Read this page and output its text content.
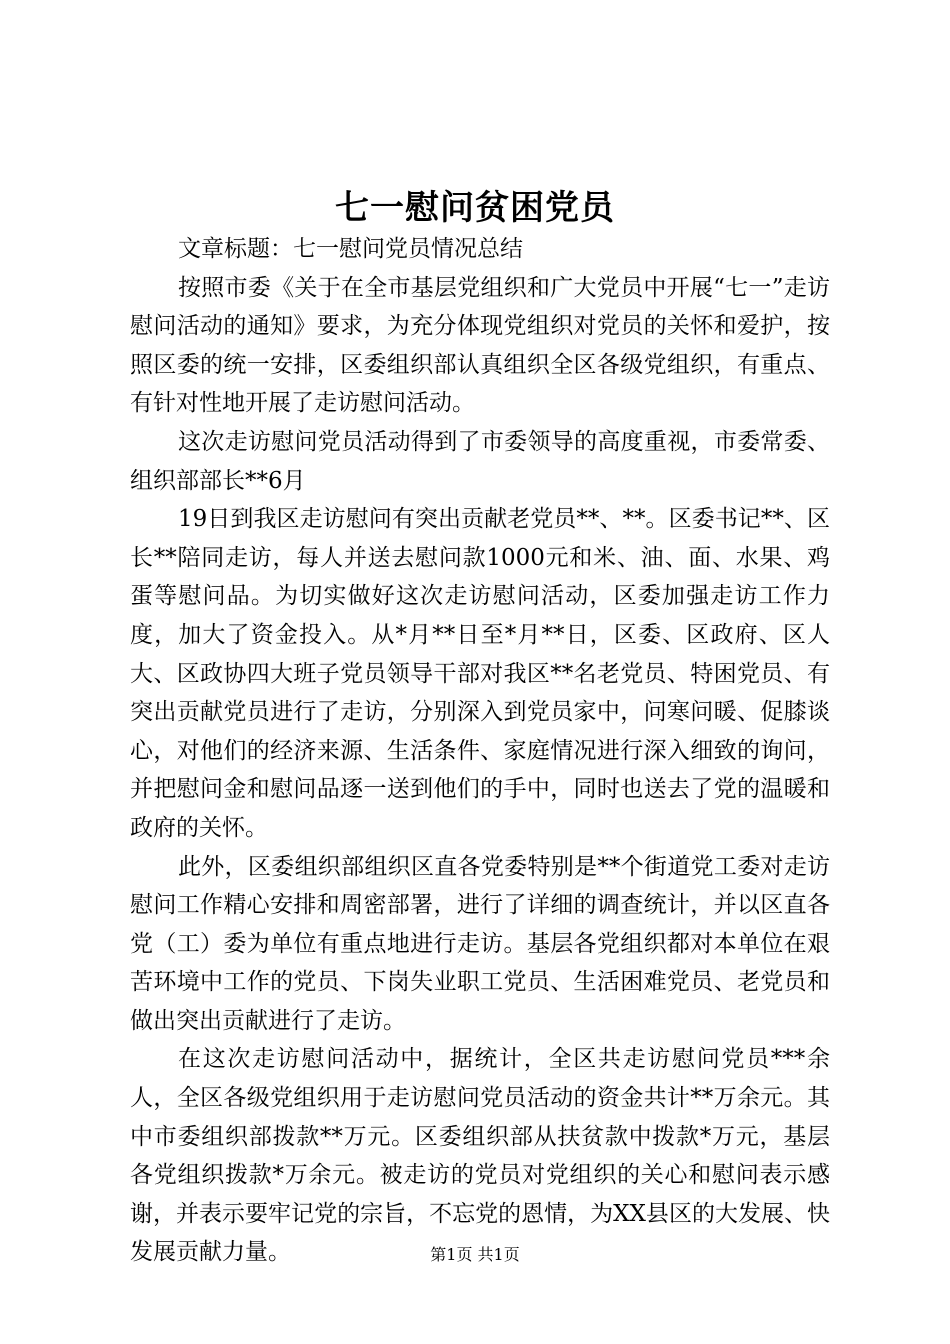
七一慰问贫困党员

文章标题：七一慰问党员情况总结

按照市委《关于在全市基层党组织和广大党员中开展“七一”走访慰问活动的通知》要求，为充分体现党组织对党员的关怀和爱护，按照区委的统一安排，区委组织部认真组织全区各级党组织，有重点、有针对性地开展了走访慰问活动。

这次走访慰问党员活动得到了市委领导的高度重视，市委常委、组织部部长**6月

19日到我区走访慰问有突出贡献老党员**、**。区委书记**、区长**陪同走访，每人并送去慰问款1000元和米、油、面、水果、鸡蛋等慰问品。为切实做好这次走访慰问活动，区委加强走访工作力度，加大了资金投入。从*月**日至*月**日，区委、区政府、区人大、区政协四大班子党员领导干部对我区**名老党员、特困党员、有突出贡献党员进行了走访，分别深入到党员家中，问寒问暖、促膝谈心，对他们的经济来源、生活条件、家庭情况进行深入细致的询问，并把慰问金和慰问品逐一送到他们的手中，同时也送去了党的温暖和政府的关怀。

此外，区委组织部组织区直各党委特别是**个街道党工委对走访慰问工作精心安排和周密部署，进行了详细的调查统计，并以区直各党（工）委为单位有重点地进行走访。基层各党组织都对本单位在艰苦环境中工作的党员、下岗失业职工党员、生活困难党员、老党员和做出突出贡献进行了走访。

在这次走访慰问活动中，据统计，全区共走访慰问党员***余人，全区各级党组织用于走访慰问党员活动的资金共计**万余元。其中市委组织部拨款**万元。区委组织部从扶贫款中拨款*万元，基层各党组织拨款*万余元。被走访的党员对党组织的关心和慰问表示感谢，并表示要牢记党的宗旨，不忘党的恩情，为XX县区的大发展、快发展贡献力量。	第1页 共1页
